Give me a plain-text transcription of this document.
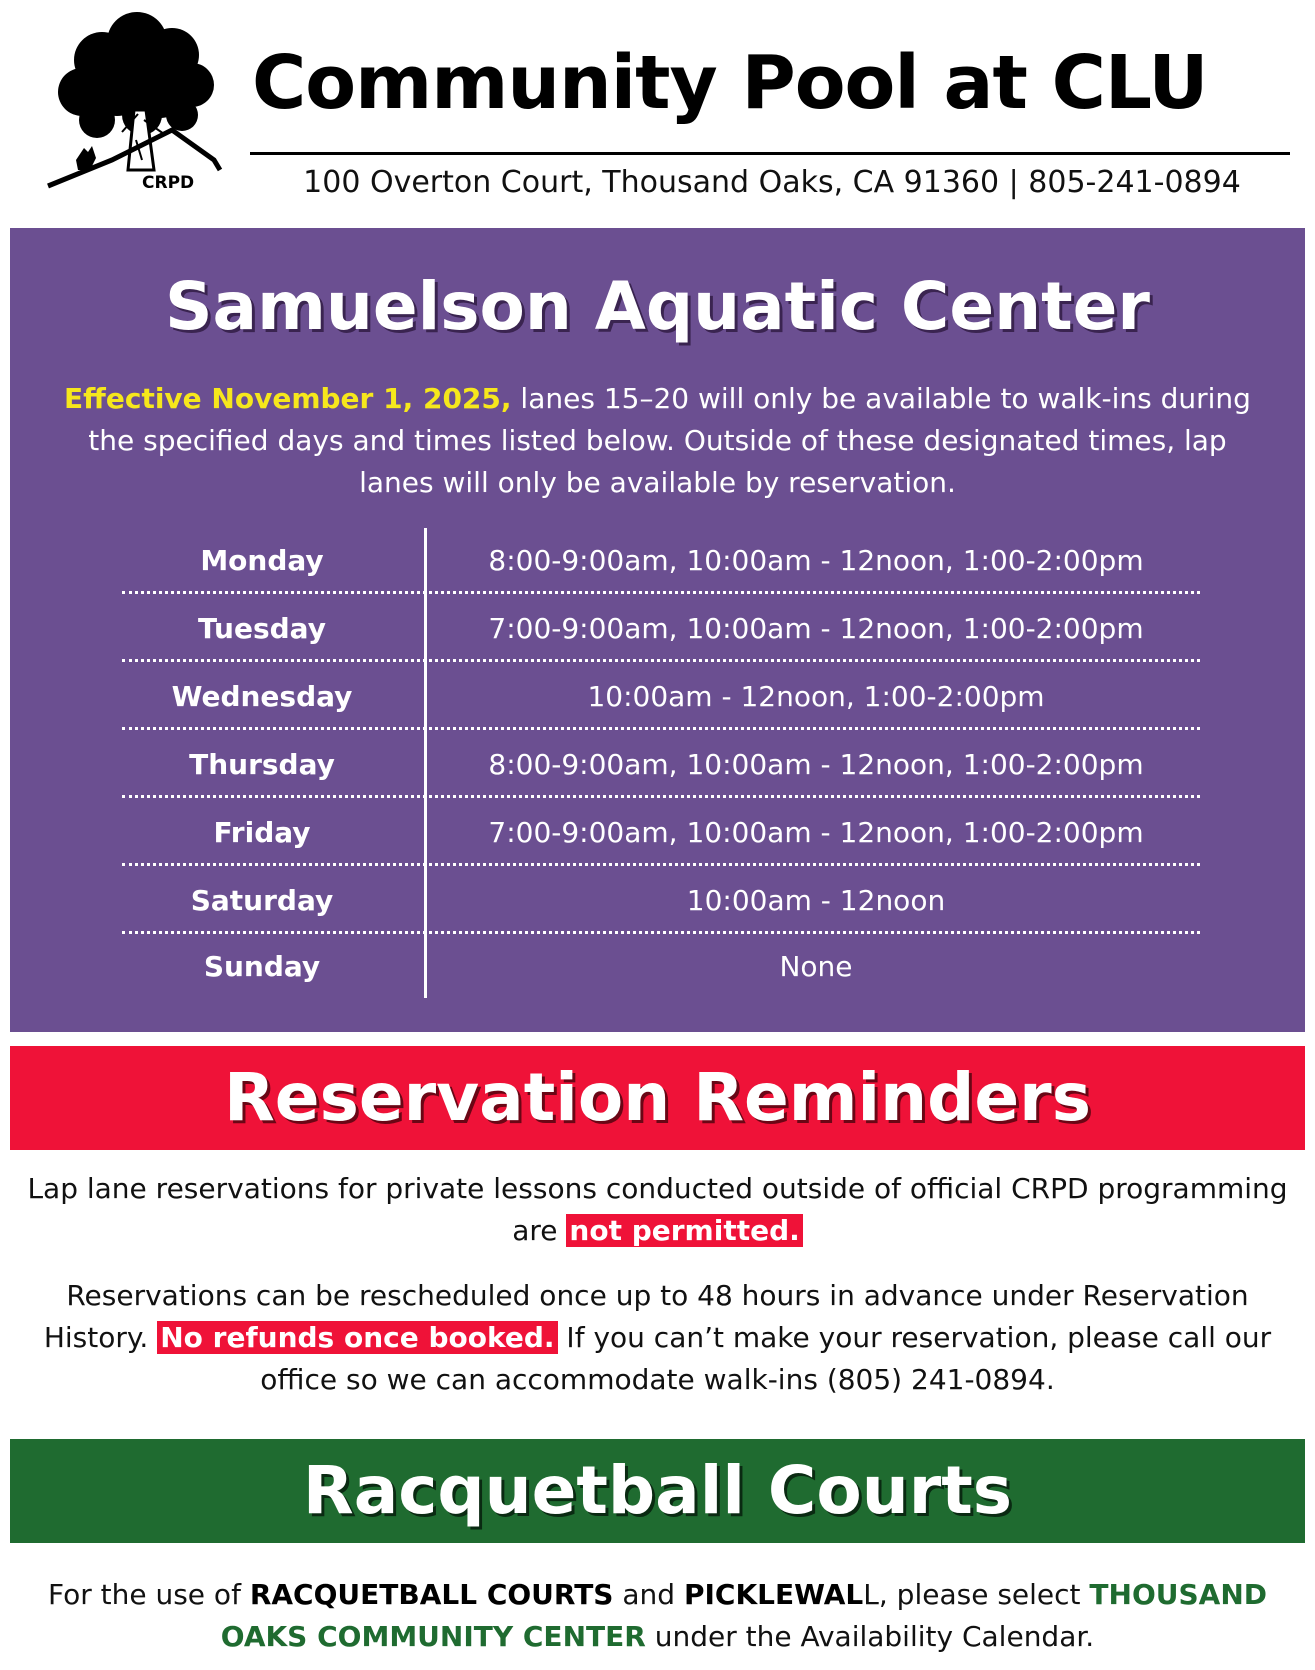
CRPD
Community Pool at CLU
100 Overton Court, Thousand Oaks, CA 91360 | 805-241-0894
Samuelson Aquatic Center
Effective November 1, 2025, lanes 15–20 will only be available to walk-ins during the specified days and times listed below. Outside of these designated times, lap lanes will only be available by reservation.
Monday	8:00-9:00am, 10:00am - 12noon, 1:00-2:00pm
Tuesday	7:00-9:00am, 10:00am - 12noon, 1:00-2:00pm
Wednesday	10:00am - 12noon, 1:00-2:00pm
Thursday	8:00-9:00am, 10:00am - 12noon, 1:00-2:00pm
Friday	7:00-9:00am, 10:00am - 12noon, 1:00-2:00pm
Saturday	10:00am - 12noon
Sunday	None
Reservation Reminders
Lap lane reservations for private lessons conducted outside of official CRPD programming are not permitted.
Reservations can be rescheduled once up to 48 hours in advance under Reservation History. No refunds once booked. If you can’t make your reservation, please call our office so we can accommodate walk-ins (805) 241-0894.
Racquetball Courts
For the use of RACQUETBALL COURTS and PICKLEWALL, please select THOUSAND OAKS COMMUNITY CENTER under the Availability Calendar.
